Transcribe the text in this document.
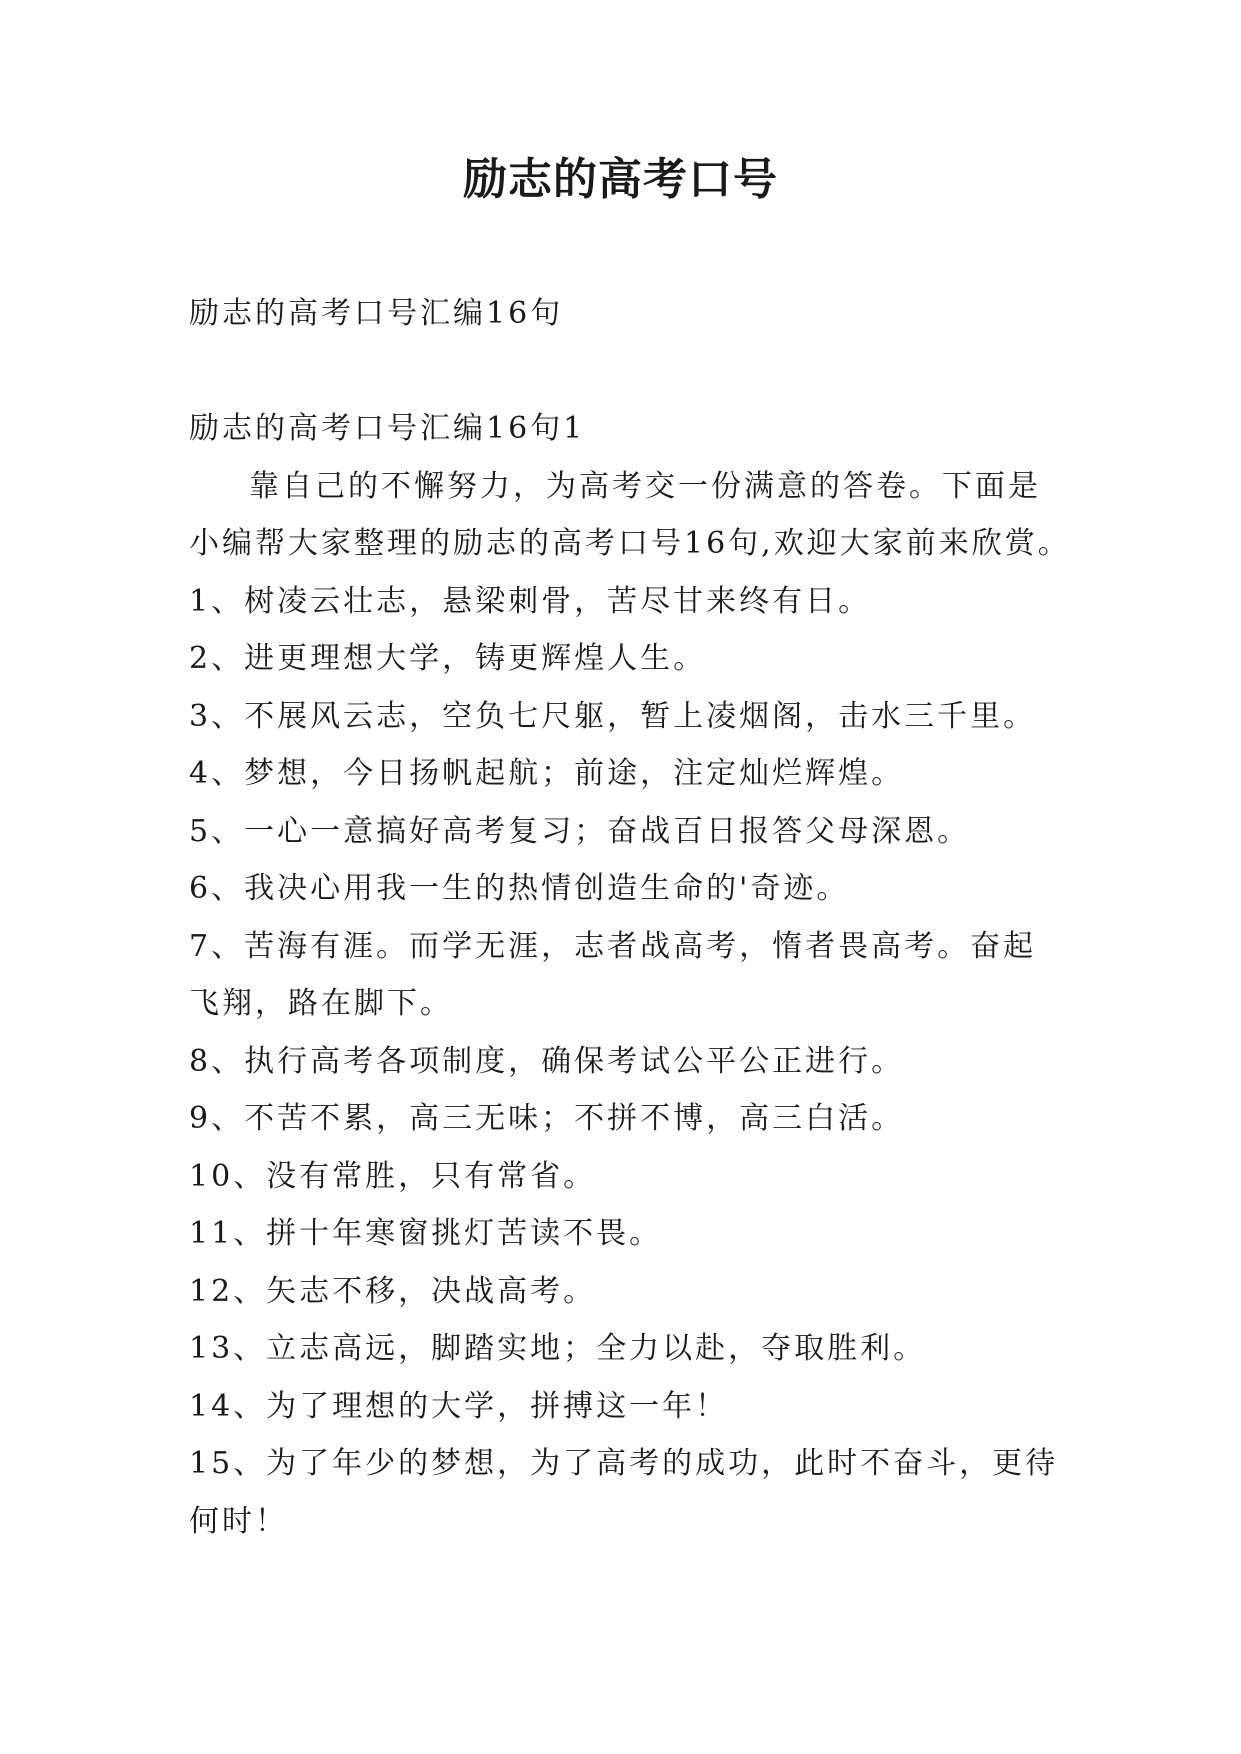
励志的高考口号
励志的高考口号汇编16句
励志的高考口号汇编16句1
靠自己的不懈努力，为高考交一份满意的答卷。下面是
小编帮大家整理的励志的高考口号16句,欢迎大家前来欣赏。
1、树凌云壮志，悬梁刺骨，苦尽甘来终有日。
2、进更理想大学，铸更辉煌人生。
3、不展风云志，空负七尺躯，暂上凌烟阁，击水三千里。
4、梦想，今日扬帆起航；前途，注定灿烂辉煌。
5、一心一意搞好高考复习；奋战百日报答父母深恩。
6、我决心用我一生的热情创造生命的'奇迹。
7、苦海有涯。而学无涯，志者战高考，惰者畏高考。奋起
飞翔，路在脚下。
8、执行高考各项制度，确保考试公平公正进行。
9、不苦不累，高三无味；不拼不博，高三白活。
10、没有常胜，只有常省。
11、拼十年寒窗挑灯苦读不畏。
12、矢志不移，决战高考。
13、立志高远，脚踏实地；全力以赴，夺取胜利。
14、为了理想的大学，拼搏这一年！
15、为了年少的梦想，为了高考的成功，此时不奋斗，更待
何时！
